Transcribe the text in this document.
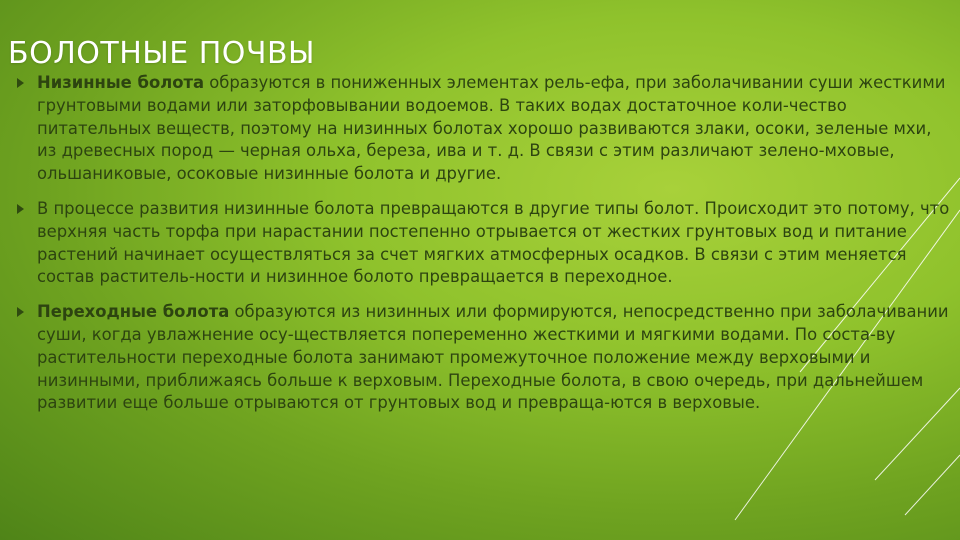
БОЛОТНЫЕ ПОЧВЫ

Низинные болота образуются в пониженных элементах рель-ефа, при заболачивании суши жесткими грунтовыми водами или заторфовывании водоемов. В таких водах достаточное коли-чество питательных веществ, поэтому на низинных болотах хорошо развиваются злаки, осоки, зеленые мхи, из древесных пород — черная ольха, береза, ива и т. д. В связи с этим различают зелено-мховые, ольшаниковые, осоковые низинные болота и другие.

В процессе развития низинные болота превращаются в другие типы болот. Происходит это потому, что верхняя часть торфа при нарастании постепенно отрывается от жестких грунтовых вод и питание растений начинает осуществляться за счет мягких атмосферных осадков. В связи с этим меняется состав раститель-ности и низинное болото превращается в переходное.

Переходные болота образуются из низинных или формируются, непосредственно при заболачивании суши, когда увлажнение осу-ществляется попеременно жесткими и мягкими водами. По соста-ву растительности переходные болота занимают промежуточное положение между верховыми и низинными, приближаясь больше к верховым. Переходные болота, в свою очередь, при дальнейшем развитии еще больше отрываются от грунтовых вод и превраща-ются в верховые.
